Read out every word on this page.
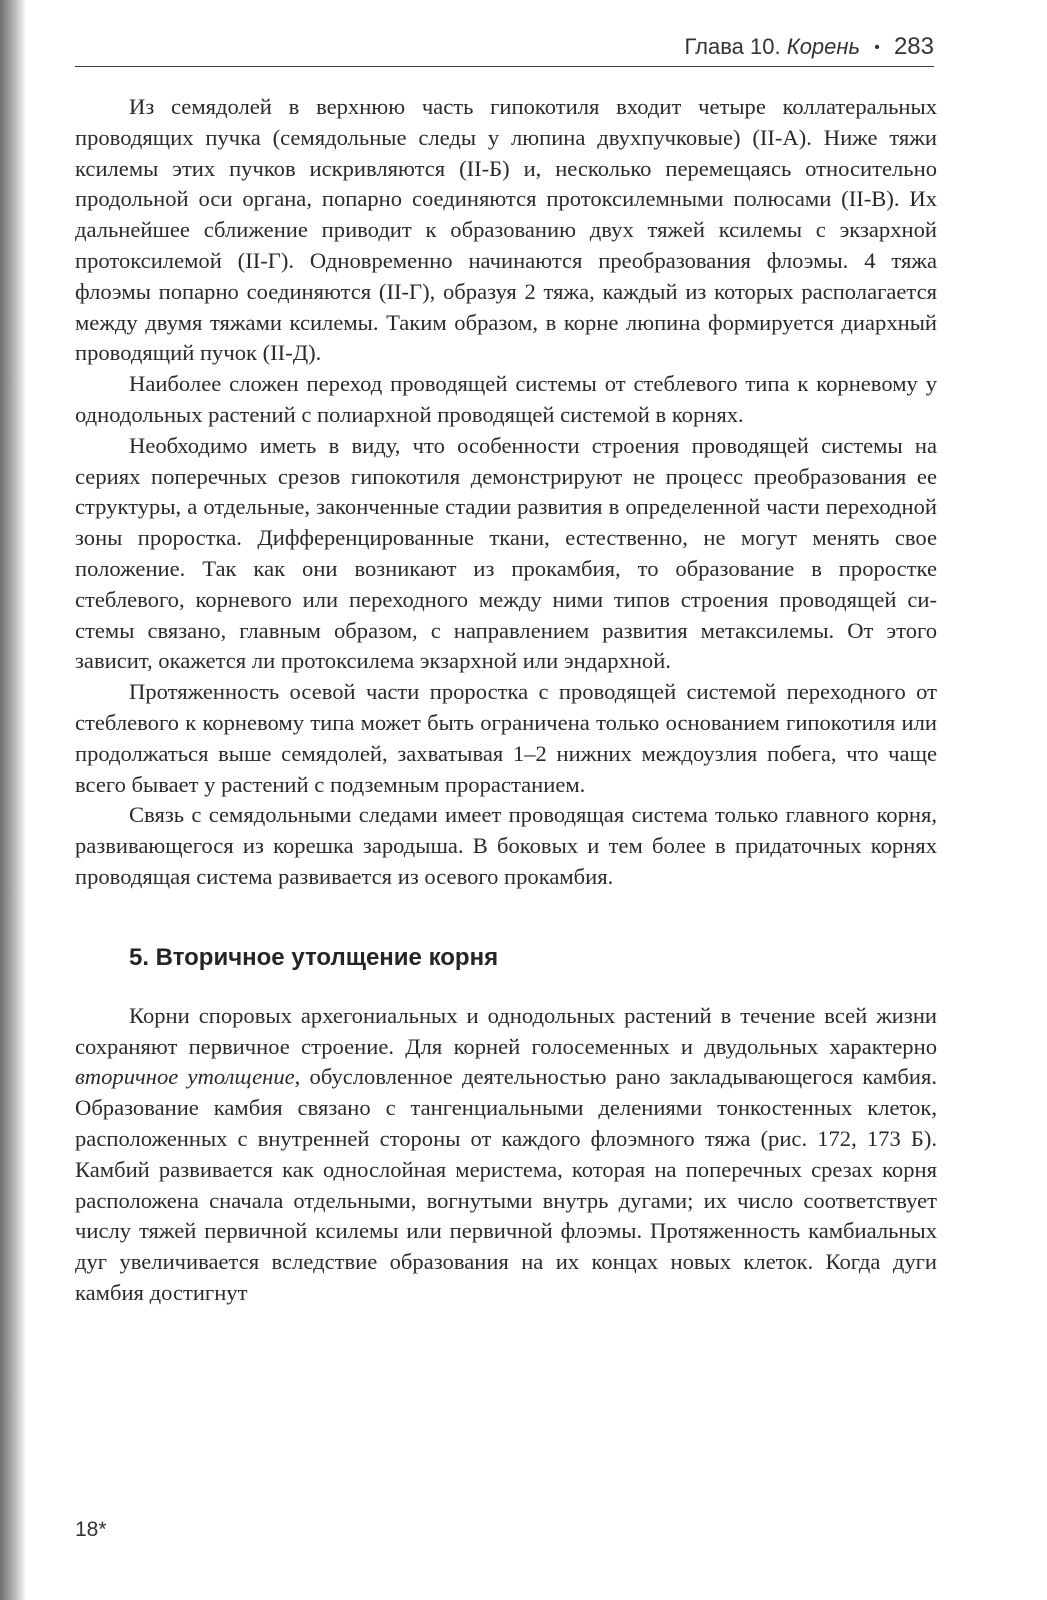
Глава 10. Корень • 283

Из семядолей в верхнюю часть гипокотиля входит четыре коллатеральных проводящих пучка (семядольные следы у люпина двухпучковые) (II-А). Ниже тяжи ксилемы этих пучков искривляются (II-Б) и, несколько перемещаясь относительно продольной оси органа, попарно соединяются протоксилемными полюсами (II-В). Их дальнейшее сближение приводит к образованию двух тяжей ксилемы с экзархной протоксилемой (II-Г). Одновременно начинаются преобразования флоэмы. 4 тяжа флоэмы попарно соединяются (II-Г), образуя 2 тяжа, каждый из которых располагается между двумя тяжами ксилемы. Таким образом, в корне люпина формируется диархный проводящий пучок (II-Д).

Наиболее сложен переход проводящей системы от стеблевого типа к корневому у однодольных растений с полиархной проводящей системой в корнях.

Необходимо иметь в виду, что особенности строения проводящей системы на сериях поперечных срезов гипокотиля демонстрируют не процесс преобразования ее структуры, а отдельные, законченные стадии развития в определенной части переходной зоны проростка. Дифференцированные ткани, естественно, не могут менять свое положение. Так как они возникают из прокамбия, то образование в проростке стеблевого, корневого или переходного между ними типов строения проводящей системы связано, главным образом, с направлением развития метаксилемы. От этого зависит, окажется ли протоксилема экзархной или эндархной.

Протяженность осевой части проростка с проводящей системой переходного от стеблевого к корневому типа может быть ограничена только основанием гипокотиля или продолжаться выше семядолей, захватывая 1–2 нижних междоузлия побега, что чаще всего бывает у растений с подземным прорастанием.

Связь с семядольными следами имеет проводящая система только главного корня, развивающегося из корешка зародыша. В боковых и тем более в придаточных корнях проводящая система развивается из осевого прокамбия.

5. Вторичное утолщение корня

Корни споровых архегониальных и однодольных растений в течение всей жизни сохраняют первичное строение. Для корней голосеменных и двудольных характерно вторичное утолщение, обусловленное деятельностью рано закладывающегося камбия. Образование камбия связано с тангенциальными делениями тонкостенных клеток, расположенных с внутренней стороны от каждого флоэмного тяжа (рис. 172, 173 Б). Камбий развивается как однослойная меристема, которая на поперечных срезах корня расположена сначала отдельными, вогнутыми внутрь дугами; их число соответствует числу тяжей первичной ксилемы или первичной флоэмы. Протяженность камбиальных дуг увеличивается вследствие образования на их концах новых клеток. Когда дуги камбия достигнут

18*
